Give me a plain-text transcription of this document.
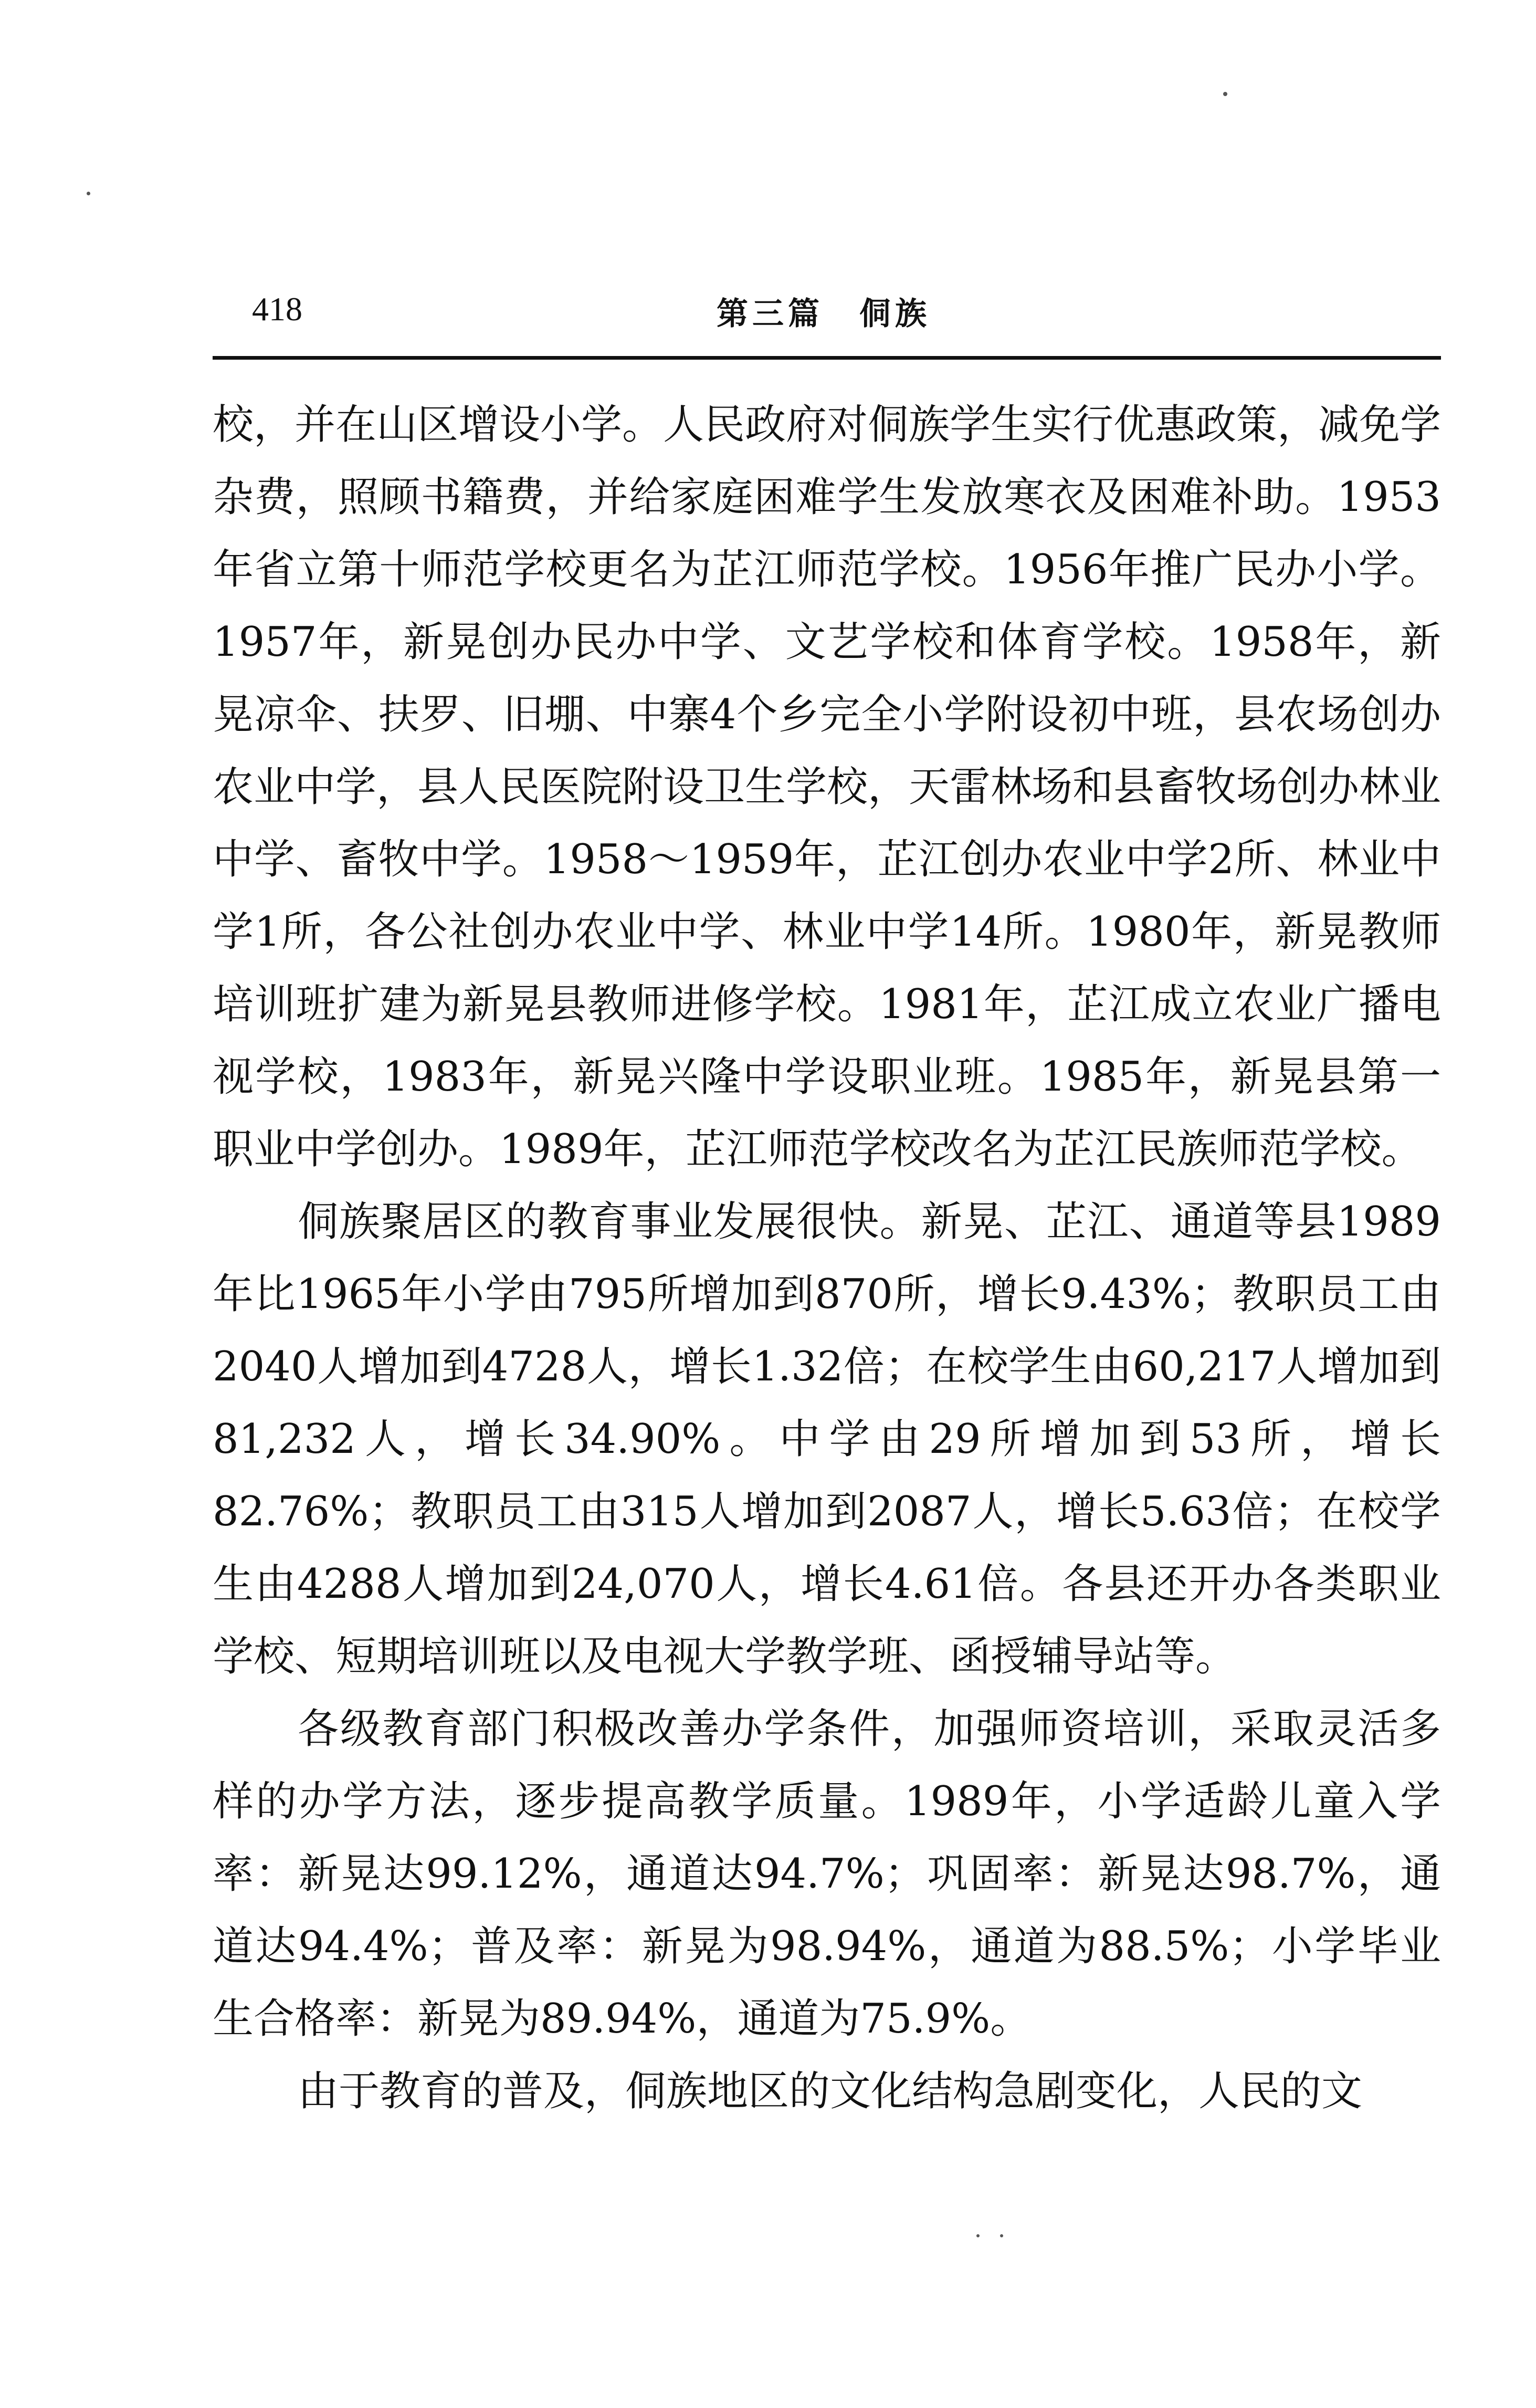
418	第三篇　侗族

校，并在山区增设小学。人民政府对侗族学生实行优惠政策，减免学杂费，照顾书籍费，并给家庭困难学生发放寒衣及困难补助。1953年省立第十师范学校更名为芷江师范学校。1956年推广民办小学。1957年，新晃创办民办中学、文艺学校和体育学校。1958年，新晃凉伞、扶罗、旧堋、中寨4个乡完全小学附设初中班，县农场创办农业中学，县人民医院附设卫生学校，天雷林场和县畜牧场创办林业中学、畜牧中学。1958～1959年，芷江创办农业中学2所、林业中学1所，各公社创办农业中学、林业中学14所。1980年，新晃教师培训班扩建为新晃县教师进修学校。1981年，芷江成立农业广播电视学校，1983年，新晃兴隆中学设职业班。1985年，新晃县第一职业中学创办。1989年，芷江师范学校改名为芷江民族师范学校。

侗族聚居区的教育事业发展很快。新晃、芷江、通道等县1989年比1965年小学由795所增加到870所，增长9.43%；教职员工由2040人增加到4728人，增长1.32倍；在校学生由60,217人增加到81,232人，增长34.90%。中学由29所增加到53所，增长82.76%；教职员工由315人增加到2087人，增长5.63倍；在校学生由4288人增加到24,070人，增长4.61倍。各县还开办各类职业学校、短期培训班以及电视大学教学班、函授辅导站等。

各级教育部门积极改善办学条件，加强师资培训，采取灵活多样的办学方法，逐步提高教学质量。1989年，小学适龄儿童入学率：新晃达99.12%，通道达94.7%；巩固率：新晃达98.7%，通道达94.4%；普及率：新晃为98.94%，通道为88.5%；小学毕业生合格率：新晃为89.94%，通道为75.9%。

由于教育的普及，侗族地区的文化结构急剧变化，人民的文
